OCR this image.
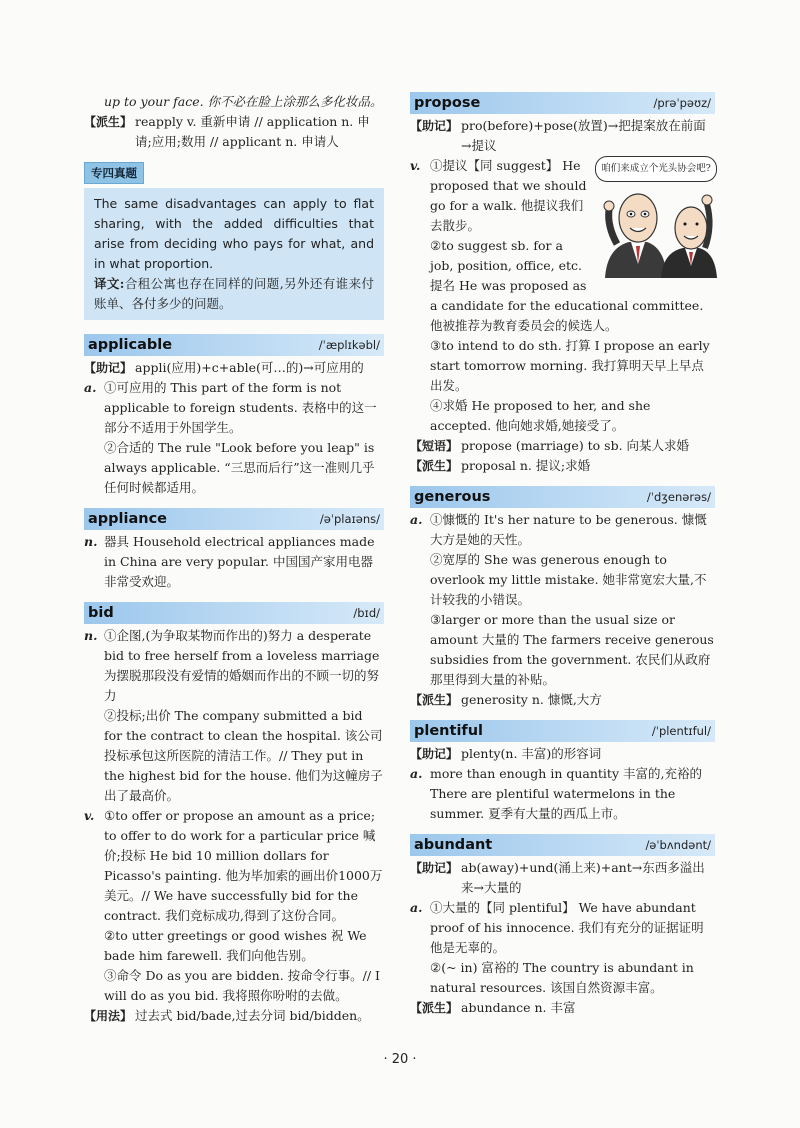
up to your face. 你不必在脸上涂那么多化妆品。
【派生】 reapply v. 重新申请 // application n. 申请;应用;数用 // applicant n. 申请人
专四真题
The same disadvantages can apply to flat sharing, with the added difficulties that arise from deciding who pays for what, and in what proportion.
译文:合租公寓也存在同样的问题,另外还有谁来付账单、各付多少的问题。
applicable	/ˈæplɪkəbl/
【助记】 appli(应用)+c+able(可…的)→可应用的
a. ①可应用的 This part of the form is not applicable to foreign students. 表格中的这一部分不适用于外国学生。
②合适的 The rule "Look before you leap" is always applicable. “三思而后行”这一准则几乎任何时候都适用。
appliance	/əˈplaɪəns/
n. 器具 Household electrical appliances made in China are very popular. 中国国产家用电器非常受欢迎。
bid	/bɪd/
n. ①企图,(为争取某物而作出的)努力 a desperate bid to free herself from a loveless marriage 为摆脱那段没有爱情的婚姻而作出的不顾一切的努力
②投标;出价 The company submitted a bid for the contract to clean the hospital. 该公司投标承包这所医院的清洁工作。// They put in the highest bid for the house. 他们为这幢房子出了最高价。
v. ①to offer or propose an amount as a price; to offer to do work for a particular price 喊价;投标 He bid 10 million dollars for Picasso's painting. 他为毕加索的画出价1000万美元。// We have successfully bid for the contract. 我们竞标成功,得到了这份合同。
②to utter greetings or good wishes 祝 We bade him farewell. 我们向他告别。
③命令 Do as you are bidden. 按命令行事。// I will do as you bid. 我将照你吩咐的去做。
【用法】 过去式 bid/bade,过去分词 bid/bidden。
propose	/prəˈpəʊz/
【助记】 pro(before)+pose(放置)→把提案放在前面→提议
咱们来成立个光头协会吧?
v. ①提议【同 suggest】 He proposed that we should go for a walk. 他提议我们去散步。
②to suggest sb. for a job, position, office, etc. 提名 He was proposed as a candidate for the educational committee. 他被推荐为教育委员会的候选人。
③to intend to do sth. 打算 I propose an early start tomorrow morning. 我打算明天早上早点出发。
④求婚 He proposed to her, and she accepted. 他向她求婚,她接受了。
【短语】 propose (marriage) to sb. 向某人求婚
【派生】 proposal n. 提议;求婚
generous	/ˈdʒenərəs/
a. ①慷慨的 It's her nature to be generous. 慷慨大方是她的天性。
②宽厚的 She was generous enough to overlook my little mistake. 她非常宽宏大量,不计较我的小错误。
③larger or more than the usual size or amount 大量的 The farmers receive generous subsidies from the government. 农民们从政府那里得到大量的补贴。
【派生】 generosity n. 慷慨,大方
plentiful	/ˈplentɪful/
【助记】 plenty(n. 丰富)的形容词
a. more than enough in quantity 丰富的,充裕的 There are plentiful watermelons in the summer. 夏季有大量的西瓜上市。
abundant	/əˈbʌndənt/
【助记】 ab(away)+und(涌上来)+ant→东西多溢出来→大量的
a. ①大量的【同 plentiful】 We have abundant proof of his innocence. 我们有充分的证据证明他是无辜的。
②(~ in) 富裕的 The country is abundant in natural resources. 该国自然资源丰富。
【派生】 abundance n. 丰富
· 20 ·
